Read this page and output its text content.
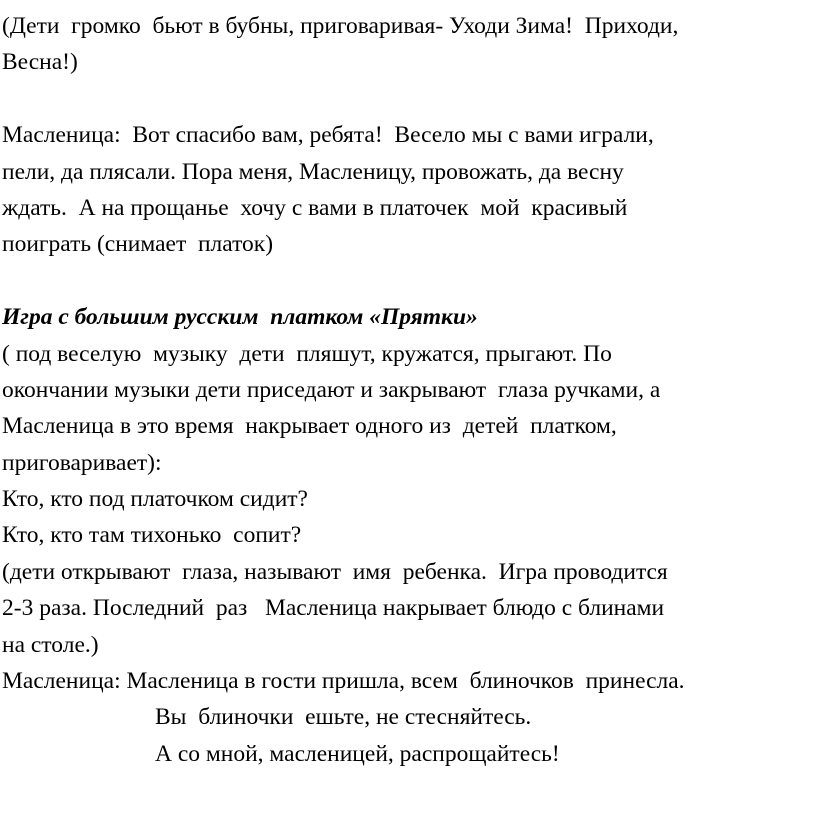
(Дети  громко  бьют в бубны, приговаривая- Уходи Зима!  Приходи,
Весна!)
Масленица:  Вот спасибо вам, ребята!  Весело мы с вами играли,
пели, да плясали. Пора меня, Масленицу, провожать, да весну
ждать.  А на прощанье  хочу с вами в платочек  мой  красивый
поиграть (снимает  платок)
Игра с большим русским  платком «Прятки»
( под веселую  музыку  дети  пляшут, кружатся, прыгают. По
окончании музыки дети приседают и закрывают  глаза ручками, а
Масленица в это время  накрывает одного из  детей  платком,
приговаривает):
Кто, кто под платочком сидит?
Кто, кто там тихонько  сопит?
(дети открывают  глаза, называют  имя  ребенка.  Игра проводится
2-3 раза. Последний  раз   Масленица накрывает блюдо с блинами
на столе.)
Масленица: Масленица в гости пришла, всем  блиночков  принесла.
Вы  блиночки  ешьте, не стесняйтесь.
А со мной, масленицей, распрощайтесь!
